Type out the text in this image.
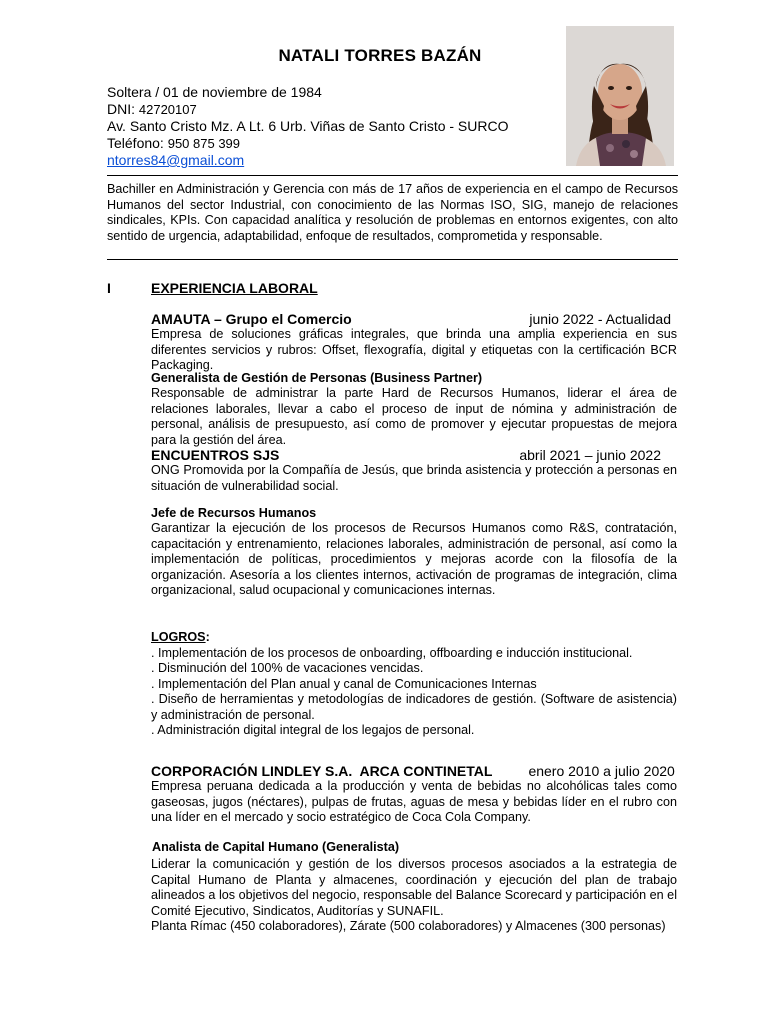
NATALI TORRES BAZÁN
Soltera / 01 de noviembre de 1984
DNI: 42720107
Av. Santo Cristo Mz. A Lt. 6 Urb. Viñas de Santo Cristo - SURCO
Teléfono: 950 875 399
ntorres84@gmail.com
Bachiller en Administración y Gerencia con más de 17 años de experiencia en el campo de Recursos Humanos del sector Industrial, con conocimiento de las Normas ISO, SIG, manejo de relaciones sindicales, KPIs. Con capacidad analítica y resolución de problemas en entornos exigentes, con alto sentido de urgencia, adaptabilidad, enfoque de resultados, comprometida y responsable.
I	EXPERIENCIA LABORAL
AMAUTA – Grupo el Comercio	junio 2022 - Actualidad
Empresa de soluciones gráficas integrales, que brinda una amplia experiencia en sus diferentes servicios y rubros: Offset, flexografía, digital y etiquetas con la certificación BCR Packaging.
Generalista de Gestión de Personas (Business Partner)
Responsable de administrar la parte Hard de Recursos Humanos, liderar el área de relaciones laborales, llevar a cabo el proceso de input de nómina y administración de personal, análisis de presupuesto, así como de promover y ejecutar propuestas de mejora para la gestión del área.
ENCUENTROS SJS	abril 2021 – junio 2022
ONG Promovida por la Compañía de Jesús, que brinda asistencia y protección a personas en situación de vulnerabilidad social.
Jefe de Recursos Humanos
Garantizar la ejecución de los procesos de Recursos Humanos como R&S, contratación, capacitación y entrenamiento, relaciones laborales, administración de personal, así como la implementación de políticas, procedimientos y mejoras acorde con la filosofía de la organización. Asesoría a los clientes internos, activación de programas de integración, clima organizacional, salud ocupacional y comunicaciones internas.
LOGROS:
. Implementación de los procesos de onboarding, offboarding e inducción institucional.
. Disminución del 100% de vacaciones vencidas.
. Implementación del Plan anual y canal de Comunicaciones Internas
. Diseño de herramientas y metodologías de indicadores de gestión. (Software de asistencia) y administración de personal.
. Administración digital integral de los legajos de personal.
CORPORACIÓN LINDLEY S.A.  ARCA CONTINETAL	enero 2010 a julio 2020
Empresa peruana dedicada a la producción y venta de bebidas no alcohólicas tales como gaseosas, jugos (néctares), pulpas de frutas, aguas de mesa y bebidas líder en el rubro con una líder en el mercado y socio estratégico de Coca Cola Company.
Analista de Capital Humano (Generalista)
Liderar la comunicación y gestión de los diversos procesos asociados a la estrategia de Capital Humano de Planta y almacenes, coordinación y ejecución del plan de trabajo alineados a los objetivos del negocio, responsable del Balance Scorecard y participación en el Comité Ejecutivo, Sindicatos, Auditorías y SUNAFIL.
Planta Rímac (450 colaboradores), Zárate (500 colaboradores) y Almacenes (300 personas)
